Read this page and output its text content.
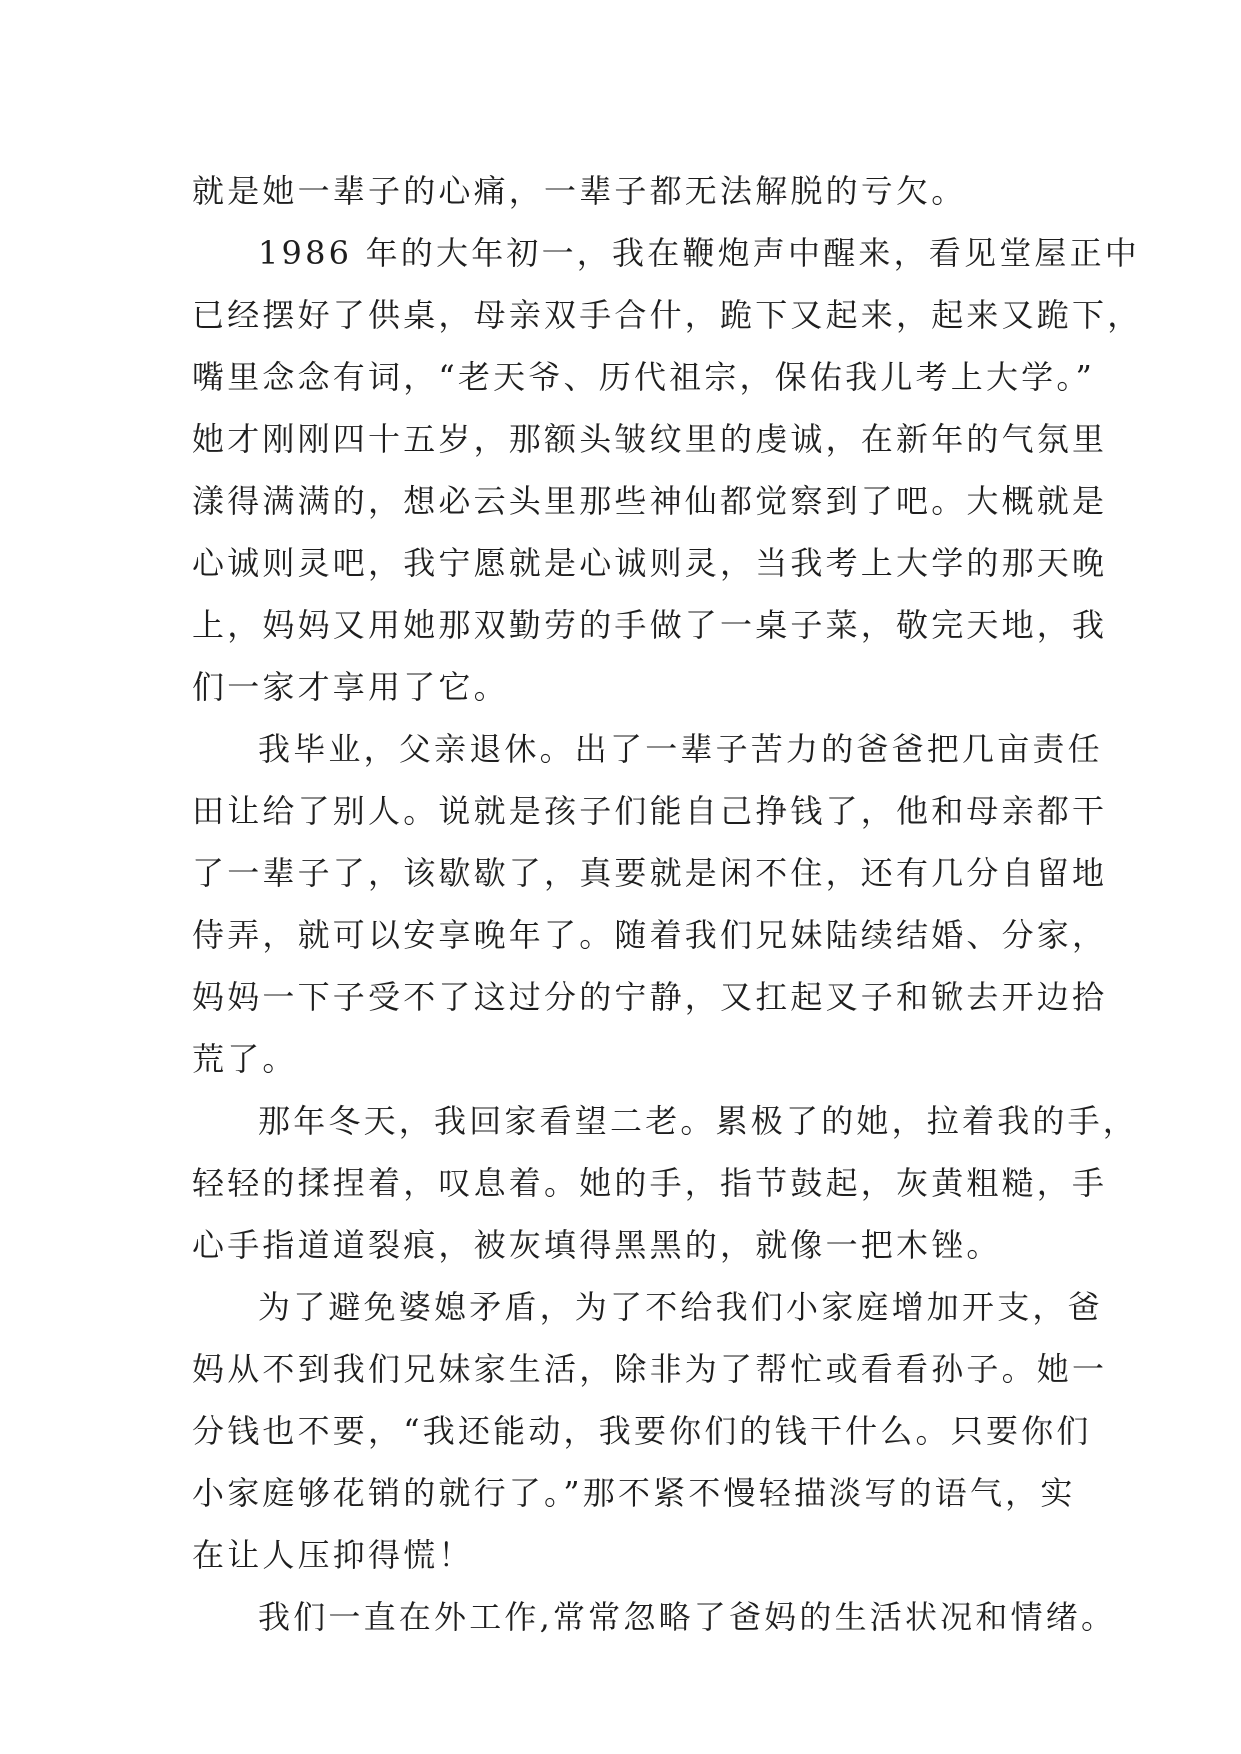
就是她一辈子的心痛，一辈子都无法解脱的亏欠。

1986 年的大年初一，我在鞭炮声中醒来，看见堂屋正中
已经摆好了供桌，母亲双手合什，跪下又起来，起来又跪下，
嘴里念念有词，“老天爷、历代祖宗，保佑我儿考上大学。”
她才刚刚四十五岁，那额头皱纹里的虔诚，在新年的气氛里
漾得满满的，想必云头里那些神仙都觉察到了吧。大概就是
心诚则灵吧，我宁愿就是心诚则灵，当我考上大学的那天晚
上，妈妈又用她那双勤劳的手做了一桌子菜，敬完天地，我
们一家才享用了它。

我毕业，父亲退休。出了一辈子苦力的爸爸把几亩责任
田让给了别人。说就是孩子们能自己挣钱了，他和母亲都干
了一辈子了，该歇歇了，真要就是闲不住，还有几分自留地
侍弄，就可以安享晚年了。随着我们兄妹陆续结婚、分家，
妈妈一下子受不了这过分的宁静，又扛起叉子和锨去开边拾
荒了。

那年冬天，我回家看望二老。累极了的她，拉着我的手，
轻轻的揉捏着，叹息着。她的手，指节鼓起，灰黄粗糙，手
心手指道道裂痕，被灰填得黑黑的，就像一把木锉。

为了避免婆媳矛盾，为了不给我们小家庭增加开支，爸
妈从不到我们兄妹家生活，除非为了帮忙或看看孙子。她一
分钱也不要，“我还能动，我要你们的钱干什么。只要你们
小家庭够花销的就行了。”那不紧不慢轻描淡写的语气，实
在让人压抑得慌！

我们一直在外工作,常常忽略了爸妈的生活状况和情绪。
